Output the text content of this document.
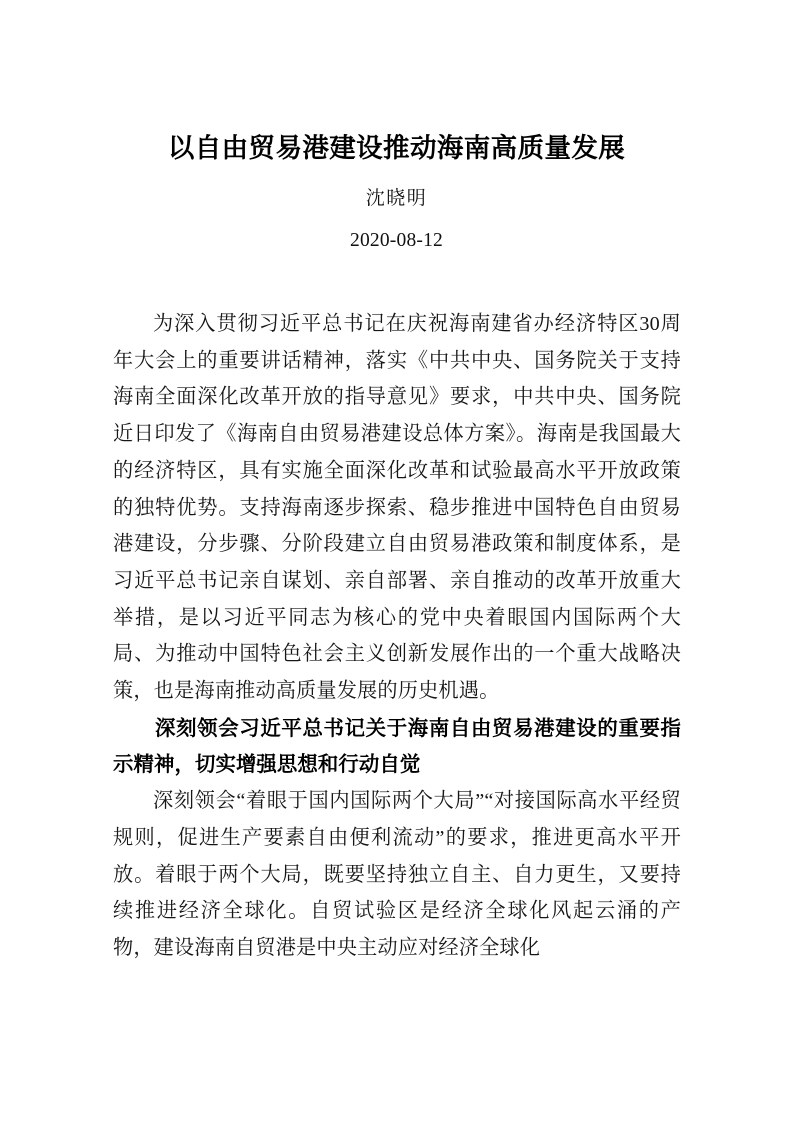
以自由贸易港建设推动海南高质量发展
沈晓明
2020-08-12

为深入贯彻习近平总书记在庆祝海南建省办经济特区30周年大会上的重要讲话精神，落实《中共中央、国务院关于支持海南全面深化改革开放的指导意见》要求，中共中央、国务院近日印发了《海南自由贸易港建设总体方案》。海南是我国最大的经济特区，具有实施全面深化改革和试验最高水平开放政策的独特优势。支持海南逐步探索、稳步推进中国特色自由贸易港建设，分步骤、分阶段建立自由贸易港政策和制度体系，是习近平总书记亲自谋划、亲自部署、亲自推动的改革开放重大举措，是以习近平同志为核心的党中央着眼国内国际两个大局、为推动中国特色社会主义创新发展作出的一个重大战略决策，也是海南推动高质量发展的历史机遇。

深刻领会习近平总书记关于海南自由贸易港建设的重要指示精神，切实增强思想和行动自觉

深刻领会“着眼于国内国际两个大局”“对接国际高水平经贸规则，促进生产要素自由便利流动”的要求，推进更高水平开放。着眼于两个大局，既要坚持独立自主、自力更生，又要持续推进经济全球化。自贸试验区是经济全球化风起云涌的产物，建设海南自贸港是中央主动应对经济全球化
